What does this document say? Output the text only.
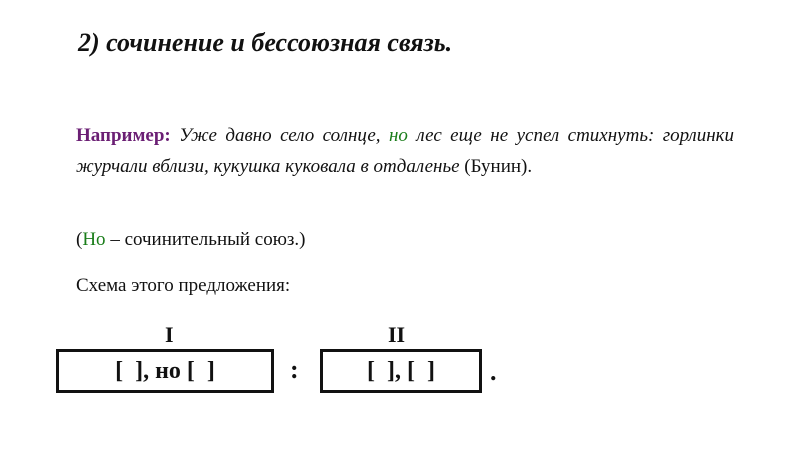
2) сочинение и бессоюзная связь.
Например: Уже давно село солнце, но лес еще не успел стихнуть: горлинки журчали вблизи, кукушка куковала в отдаленье (Бунин).
(Но – сочинительный союз.)
Схема этого предложения:
I	II
[  ], но [  ]	:	[  ], [  ]	.
